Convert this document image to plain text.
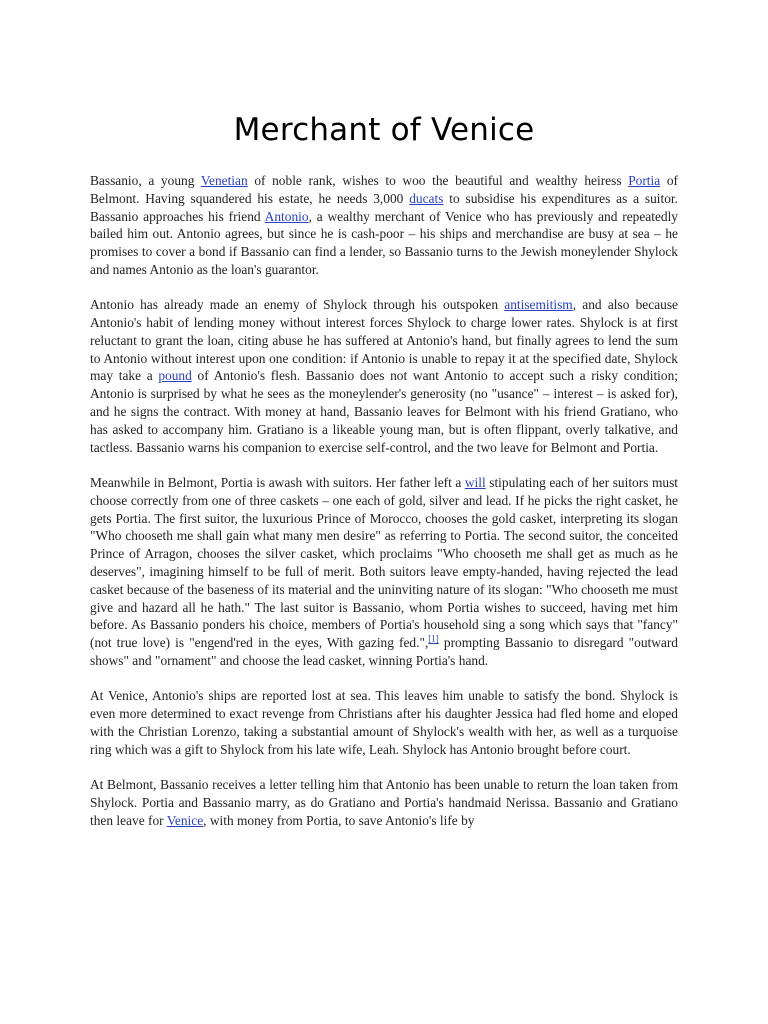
Merchant of Venice

Bassanio, a young Venetian of noble rank, wishes to woo the beautiful and wealthy heiress Portia of Belmont. Having squandered his estate, he needs 3,000 ducats to subsidise his expenditures as a suitor. Bassanio approaches his friend Antonio, a wealthy merchant of Venice who has previously and repeatedly bailed him out. Antonio agrees, but since he is cash-poor – his ships and merchandise are busy at sea – he promises to cover a bond if Bassanio can find a lender, so Bassanio turns to the Jewish moneylender Shylock and names Antonio as the loan's guarantor.

Antonio has already made an enemy of Shylock through his outspoken antisemitism, and also because Antonio's habit of lending money without interest forces Shylock to charge lower rates. Shylock is at first reluctant to grant the loan, citing abuse he has suffered at Antonio's hand, but finally agrees to lend the sum to Antonio without interest upon one condition: if Antonio is unable to repay it at the specified date, Shylock may take a pound of Antonio's flesh. Bassanio does not want Antonio to accept such a risky condition; Antonio is surprised by what he sees as the moneylender's generosity (no "usance" – interest – is asked for), and he signs the contract. With money at hand, Bassanio leaves for Belmont with his friend Gratiano, who has asked to accompany him. Gratiano is a likeable young man, but is often flippant, overly talkative, and tactless. Bassanio warns his companion to exercise self-control, and the two leave for Belmont and Portia.

Meanwhile in Belmont, Portia is awash with suitors. Her father left a will stipulating each of her suitors must choose correctly from one of three caskets – one each of gold, silver and lead. If he picks the right casket, he gets Portia. The first suitor, the luxurious Prince of Morocco, chooses the gold casket, interpreting its slogan "Who chooseth me shall gain what many men desire" as referring to Portia. The second suitor, the conceited Prince of Arragon, chooses the silver casket, which proclaims "Who chooseth me shall get as much as he deserves", imagining himself to be full of merit. Both suitors leave empty-handed, having rejected the lead casket because of the baseness of its material and the uninviting nature of its slogan: "Who chooseth me must give and hazard all he hath." The last suitor is Bassanio, whom Portia wishes to succeed, having met him before. As Bassanio ponders his choice, members of Portia's household sing a song which says that "fancy" (not true love) is "engend'red in the eyes, With gazing fed.",[1] prompting Bassanio to disregard "outward shows" and "ornament" and choose the lead casket, winning Portia's hand.

At Venice, Antonio's ships are reported lost at sea. This leaves him unable to satisfy the bond. Shylock is even more determined to exact revenge from Christians after his daughter Jessica had fled home and eloped with the Christian Lorenzo, taking a substantial amount of Shylock's wealth with her, as well as a turquoise ring which was a gift to Shylock from his late wife, Leah. Shylock has Antonio brought before court.

At Belmont, Bassanio receives a letter telling him that Antonio has been unable to return the loan taken from Shylock. Portia and Bassanio marry, as do Gratiano and Portia's handmaid Nerissa. Bassanio and Gratiano then leave for Venice, with money from Portia, to save Antonio's life by
